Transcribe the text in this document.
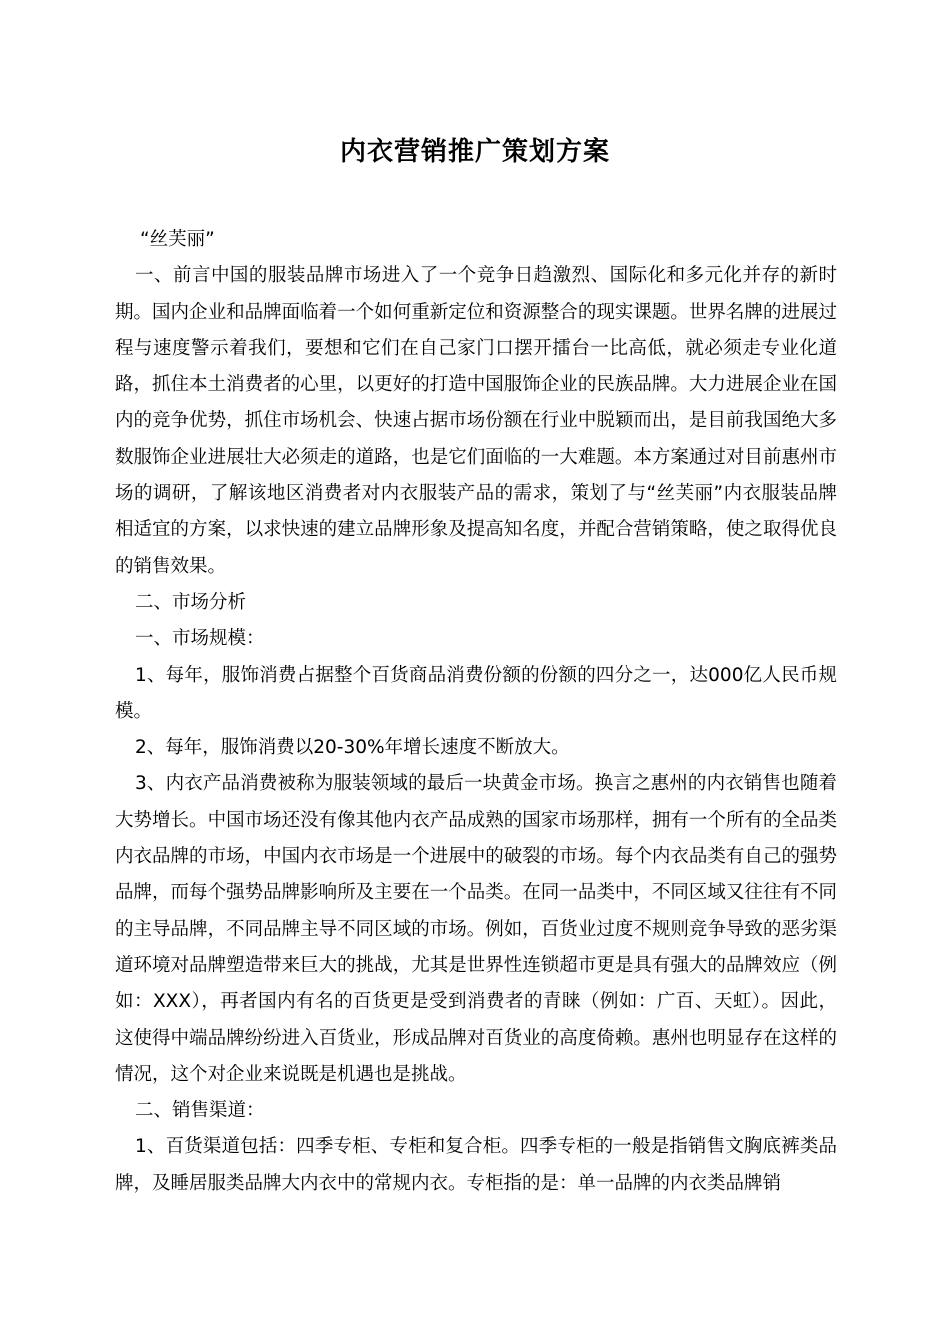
内衣营销推广策划方案

“丝芙丽”

一、前言中国的服装品牌市场进入了一个竞争日趋激烈、国际化和多元化并存的新时期。国内企业和品牌面临着一个如何重新定位和资源整合的现实课题。世界名牌的进展过程与速度警示着我们，要想和它们在自己家门口摆开擂台一比高低，就必须走专业化道路，抓住本土消费者的心里，以更好的打造中国服饰企业的民族品牌。大力进展企业在国内的竞争优势，抓住市场机会、快速占据市场份额在行业中脱颖而出，是目前我国绝大多数服饰企业进展壮大必须走的道路，也是它们面临的一大难题。本方案通过对目前惠州市场的调研，了解该地区消费者对内衣服装产品的需求，策划了与“丝芙丽”内衣服装品牌相适宜的方案，以求快速的建立品牌形象及提高知名度，并配合营销策略，使之取得优良的销售效果。

二、市场分析

一、市场规模：

1、每年，服饰消费占据整个百货商品消费份额的份额的四分之一，达000亿人民币规模。

2、每年，服饰消费以20-30%年增长速度不断放大。

3、内衣产品消费被称为服装领域的最后一块黄金市场。换言之惠州的内衣销售也随着大势增长。中国市场还没有像其他内衣产品成熟的国家市场那样，拥有一个所有的全品类内衣品牌的市场，中国内衣市场是一个进展中的破裂的市场。每个内衣品类有自己的强势品牌，而每个强势品牌影响所及主要在一个品类。在同一品类中，不同区域又往往有不同的主导品牌，不同品牌主导不同区域的市场。例如，百货业过度不规则竞争导致的恶劣渠道环境对品牌塑造带来巨大的挑战，尤其是世界性连锁超市更是具有强大的品牌效应（例如：XXX），再者国内有名的百货更是受到消费者的青睐（例如：广百、天虹）。因此，这使得中端品牌纷纷进入百货业，形成品牌对百货业的高度倚赖。惠州也明显存在这样的情况，这个对企业来说既是机遇也是挑战。

二、销售渠道：

1、百货渠道包括：四季专柜、专柜和复合柜。四季专柜的一般是指销售文胸底裤类品牌，及睡居服类品牌大内衣中的常规内衣。专柜指的是：单一品牌的内衣类品牌销
